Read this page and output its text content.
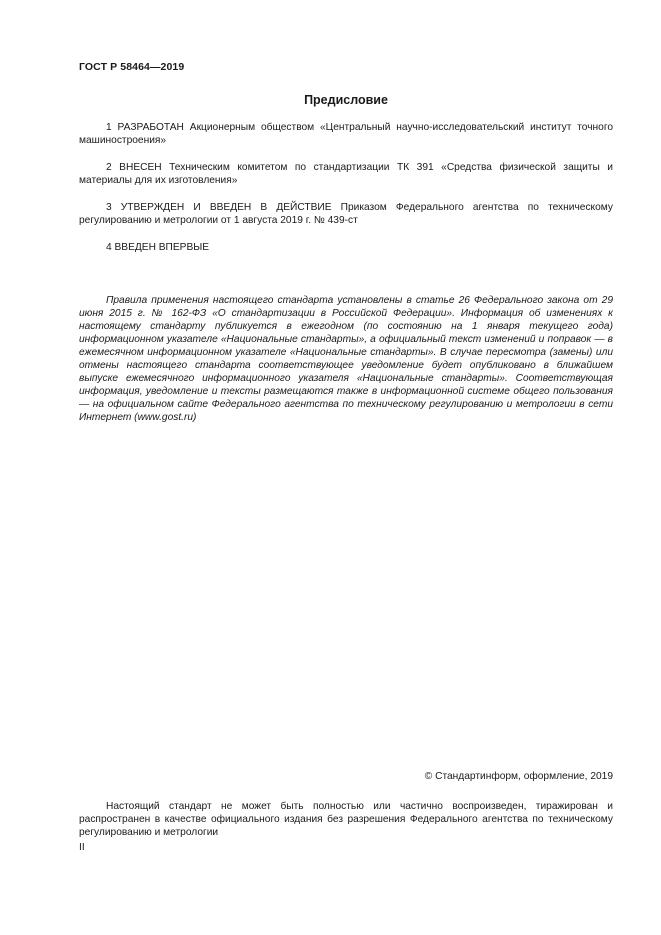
ГОСТ Р 58464—2019
Предисловие

1 РАЗРАБОТАН Акционерным обществом «Центральный научно-исследовательский институт точного машиностроения»

2 ВНЕСЕН Техническим комитетом по стандартизации ТК 391 «Средства физической защиты и материалы для их изготовления»

3 УТВЕРЖДЕН И ВВЕДЕН В ДЕЙСТВИЕ Приказом Федерального агентства по техническому регулированию и метрологии от 1 августа 2019 г. № 439-ст

4 ВВЕДЕН ВПЕРВЫЕ

Правила применения настоящего стандарта установлены в статье 26 Федерального закона от 29 июня 2015 г. № 162-ФЗ «О стандартизации в Российской Федерации». Информация об изменениях к настоящему стандарту публикуется в ежегодном (по состоянию на 1 января текущего года) информационном указателе «Национальные стандарты», а официальный текст изменений и поправок — в ежемесячном информационном указателе «Национальные стандарты». В случае пересмотра (замены) или отмены настоящего стандарта соответствующее уведомление будет опубликовано в ближайшем выпуске ежемесячного информационного указателя «Национальные стандарты». Соответствующая информация, уведомление и тексты размещаются также в информационной системе общего пользования — на официальном сайте Федерального агентства по техническому регулированию и метрологии в сети Интернет (www.gost.ru)

© Стандартинформ, оформление, 2019

Настоящий стандарт не может быть полностью или частично воспроизведен, тиражирован и распространен в качестве официального издания без разрешения Федерального агентства по техническому регулированию и метрологии

II
